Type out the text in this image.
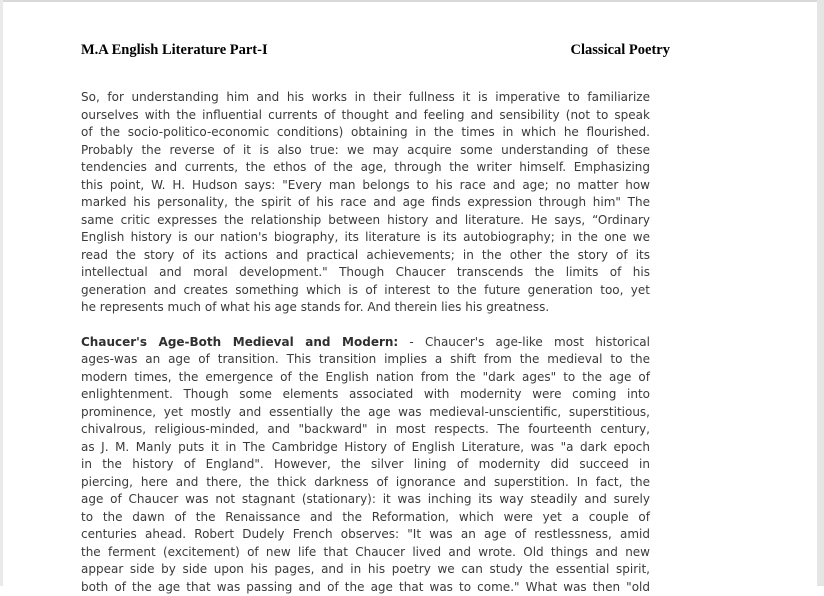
M.A English Literature Part-I	Classical Poetry
So, for understanding him and his works in their fullness it is imperative to familiarize
ourselves with the influential currents of thought and feeling and sensibility (not to speak
of the socio-politico-economic conditions) obtaining in the times in which he flourished.
Probably the reverse of it is also true: we may acquire some understanding of these
tendencies and currents, the ethos of the age, through the writer himself. Emphasizing
this point, W. H. Hudson says: "Every man belongs to his race and age; no matter how
marked his personality, the spirit of his race and age finds expression through him" The
same critic expresses the relationship between history and literature. He says, “Ordinary
English history is our nation's biography, its literature is its autobiography; in the one we
read the story of its actions and practical achievements; in the other the story of its
intellectual and moral development." Though Chaucer transcends the limits of his
generation and creates something which is of interest to the future generation too, yet
he represents much of what his age stands for. And therein lies his greatness.
Chaucer's Age-Both Medieval and Modern: - Chaucer's age-like most historical
ages-was an age of transition. This transition implies a shift from the medieval to the
modern times, the emergence of the English nation from the "dark ages" to the age of
enlightenment. Though some elements associated with modernity were coming into
prominence, yet mostly and essentially the age was medieval-unscientific, superstitious,
chivalrous, religious-minded, and "backward" in most respects. The fourteenth century,
as J. M. Manly puts it in The Cambridge History of English Literature, was "a dark epoch
in the history of England". However, the silver lining of modernity did succeed in
piercing, here and there, the thick darkness of ignorance and superstition. In fact, the
age of Chaucer was not stagnant (stationary): it was inching its way steadily and surely
to the dawn of the Renaissance and the Reformation, which were yet a couple of
centuries ahead. Robert Dudely French observes: "It was an age of restlessness, amid
the ferment (excitement) of new life that Chaucer lived and wrote. Old things and new
appear side by side upon his pages, and in his poetry we can study the essential spirit,
both of the age that was passing and of the age that was to come." What was then "old
